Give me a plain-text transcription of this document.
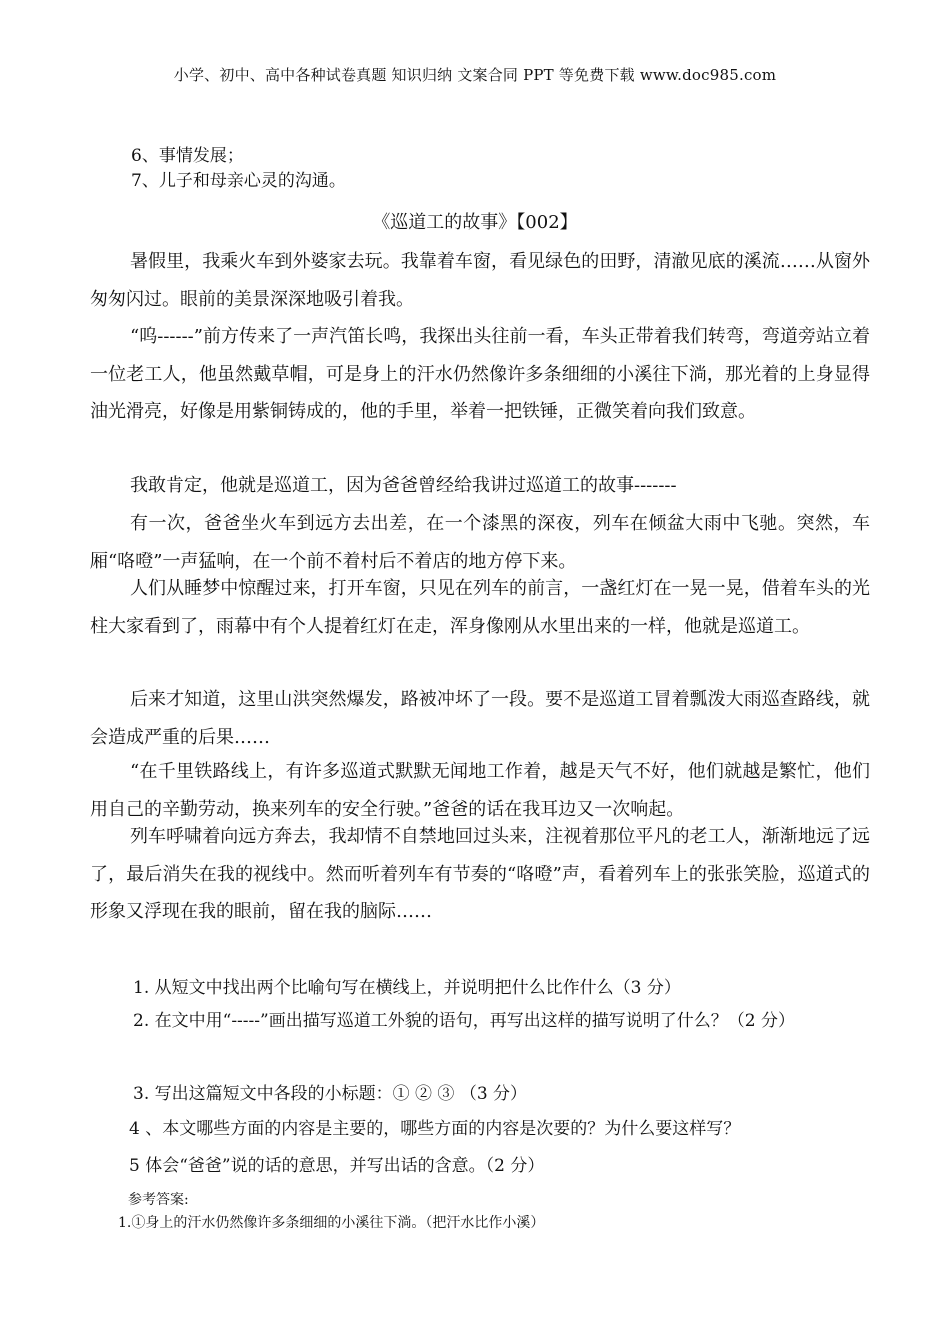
小学、初中、高中各种试卷真题 知识归纳 文案合同 PPT 等免费下载 www.doc985.com
6、事情发展；
7、儿子和母亲心灵的沟通。
《巡道工的故事》【002】

暑假里，我乘火车到外婆家去玩。我靠着车窗，看见绿色的田野，清澈见底的溪流……从窗外匆匆闪过。眼前的美景深深地吸引着我。

“呜------”前方传来了一声汽笛长鸣，我探出头往前一看，车头正带着我们转弯，弯道旁站立着一位老工人，他虽然戴草帽，可是身上的汗水仍然像许多条细细的小溪往下淌，那光着的上身显得油光滑亮，好像是用紫铜铸成的，他的手里，举着一把铁锤，正微笑着向我们致意。

我敢肯定，他就是巡道工，因为爸爸曾经给我讲过巡道工的故事-------

有一次，爸爸坐火车到远方去出差，在一个漆黑的深夜，列车在倾盆大雨中飞驰。突然，车厢“咯噔”一声猛响，在一个前不着村后不着店的地方停下来。

人们从睡梦中惊醒过来，打开车窗，只见在列车的前言，一盏红灯在一晃一晃，借着车头的光柱大家看到了，雨幕中有个人提着红灯在走，浑身像刚从水里出来的一样，他就是巡道工。

后来才知道，这里山洪突然爆发，路被冲坏了一段。要不是巡道工冒着瓢泼大雨巡查路线，就会造成严重的后果……

“在千里铁路线上，有许多巡道式默默无闻地工作着，越是天气不好，他们就越是繁忙，他们用自己的辛勤劳动，换来列车的安全行驶。”爸爸的话在我耳边又一次响起。

列车呼啸着向远方奔去，我却情不自禁地回过头来，注视着那位平凡的老工人，渐渐地远了远了，最后消失在我的视线中。然而听着列车有节奏的“咯噔”声，看着列车上的张张笑脸，巡道式的形象又浮现在我的眼前，留在我的脑际……

1. 从短文中找出两个比喻句写在横线上，并说明把什么比作什么（3 分）

2. 在文中用“-----”画出描写巡道工外貌的语句，再写出这样的描写说明了什么？（2 分）

3. 写出这篇短文中各段的小标题：① ② ③ （3 分）
4 、本文哪些方面的内容是主要的，哪些方面的内容是次要的？为什么要这样写？
5 体会“爸爸”说的话的意思，并写出话的含意。（2 分）
参考答案:
1.①身上的汗水仍然像许多条细细的小溪往下淌。（把汗水比作小溪）
